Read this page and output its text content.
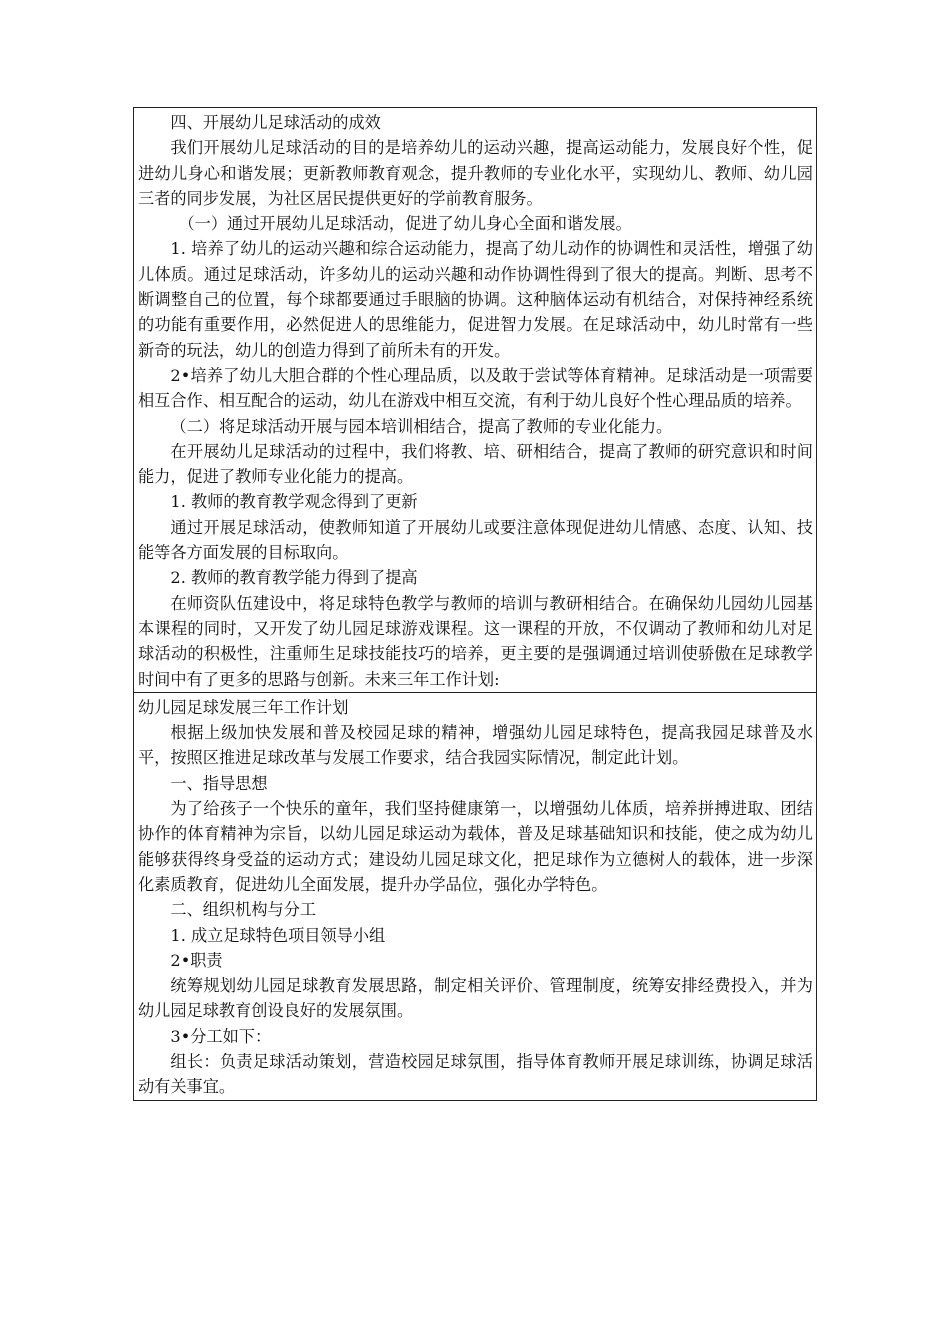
四、开展幼儿足球活动的成效

我们开展幼儿足球活动的目的是培养幼儿的运动兴趣，提高运动能力，发展良好个性，促进幼儿身心和谐发展；更新教师教育观念，提升教师的专业化水平，实现幼儿、教师、幼儿园三者的同步发展，为社区居民提供更好的学前教育服务。

（一）通过开展幼儿足球活动，促进了幼儿身心全面和谐发展。

1. 培养了幼儿的运动兴趣和综合运动能力，提高了幼儿动作的协调性和灵活性，增强了幼儿体质。通过足球活动，许多幼儿的运动兴趣和动作协调性得到了很大的提高。判断、思考不断调整自己的位置，每个球都要通过手眼脑的协调。这种脑体运动有机结合，对保持神经系统的功能有重要作用，必然促进人的思维能力，促进智力发展。在足球活动中，幼儿时常有一些新奇的玩法，幼儿的创造力得到了前所未有的开发。

2•培养了幼儿大胆合群的个性心理品质，以及敢于尝试等体育精神。足球活动是一项需要相互合作、相互配合的运动，幼儿在游戏中相互交流，有利于幼儿良好个性心理品质的培养。

（二）将足球活动开展与园本培训相结合，提高了教师的专业化能力。

在开展幼儿足球活动的过程中，我们将教、培、研相结合，提高了教师的研究意识和时间能力，促进了教师专业化能力的提高。

1. 教师的教育教学观念得到了更新

通过开展足球活动，使教师知道了开展幼儿或要注意体现促进幼儿情感、态度、认知、技能等各方面发展的目标取向。

2. 教师的教育教学能力得到了提高

在师资队伍建设中，将足球特色教学与教师的培训与教研相结合。在确保幼儿园幼儿园基本课程的同时，又开发了幼儿园足球游戏课程。这一课程的开放，不仅调动了教师和幼儿对足球活动的积极性，注重师生足球技能技巧的培养，更主要的是强调通过培训使骄傲在足球教学时间中有了更多的思路与创新。未来三年工作计划:

幼儿园足球发展三年工作计划

根据上级加快发展和普及校园足球的精神，增强幼儿园足球特色，提高我园足球普及水平，按照区推进足球改革与发展工作要求，结合我园实际情况，制定此计划。

一、指导思想

为了给孩子一个快乐的童年，我们坚持健康第一，以增强幼儿体质，培养拼搏进取、团结协作的体育精神为宗旨，以幼儿园足球运动为载体，普及足球基础知识和技能，使之成为幼儿能够获得终身受益的运动方式；建设幼儿园足球文化，把足球作为立德树人的载体，进一步深化素质教育，促进幼儿全面发展，提升办学品位，强化办学特色。

二、组织机构与分工

1. 成立足球特色项目领导小组

2•职责

统筹规划幼儿园足球教育发展思路，制定相关评价、管理制度，统筹安排经费投入，并为幼儿园足球教育创设良好的发展氛围。

3•分工如下：

组长：负责足球活动策划，营造校园足球氛围，指导体育教师开展足球训练，协调足球活动有关事宜。
